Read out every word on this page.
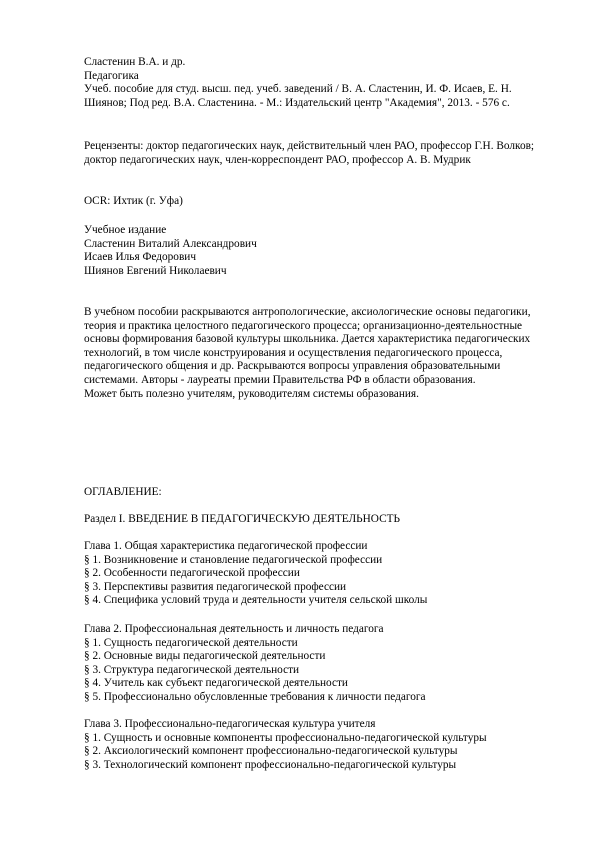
Сластенин В.А. и др.
Педагогика
Учеб. пособие для студ. высш. пед. учеб. заведений / В. А. Сластенин, И. Ф. Исаев, Е. Н. Шиянов; Под ред. В.А. Сластенина. - М.: Издательский центр "Академия", 2013. - 576 с.
Рецензенты: доктор педагогических наук, действительный член РАО, профессор Г.Н. Волков; доктор педагогических наук, член-корреспондент РАО, профессор А. В. Мудрик
OCR: Ихтик (г. Уфа)
Учебное издание
Сластенин Виталий Александрович
Исаев Илья Федорович
Шиянов Евгений Николаевич
В учебном пособии раскрываются антропологические, аксиологические основы педагогики, теория и практика целостного педагогического процесса; организационно-деятельностные основы формирования базовой культуры школьника. Дается характеристика педагогических технологий, в том числе конструирования и осуществления педагогического процесса, педагогического общения и др. Раскрываются вопросы управления образовательными системами. Авторы - лауреаты премии Правительства РФ в области образования.
Может быть полезно учителям, руководителям системы образования.
ОГЛАВЛЕНИЕ:
Раздел I. ВВЕДЕНИЕ В ПЕДАГОГИЧЕСКУЮ ДЕЯТЕЛЬНОСТЬ
Глава 1. Общая характеристика педагогической профессии
§ 1. Возникновение и становление педагогической профессии
§ 2. Особенности педагогической профессии
§ 3. Перспективы развития педагогической профессии
§ 4. Специфика условий труда и деятельности учителя сельской школы
Глава 2. Профессиональная деятельность и личность педагога
§ 1. Сущность педагогической деятельности
§ 2. Основные виды педагогической деятельности
§ 3. Структура педагогической деятельности
§ 4. Учитель как субъект педагогической деятельности
§ 5. Профессионально обусловленные требования к личности педагога
Глава 3. Профессионально-педагогическая культура учителя
§ 1. Сущность и основные компоненты профессионально-педагогической культуры
§ 2. Аксиологический компонент профессионально-педагогической культуры
§ 3. Технологический компонент профессионально-педагогической культуры
